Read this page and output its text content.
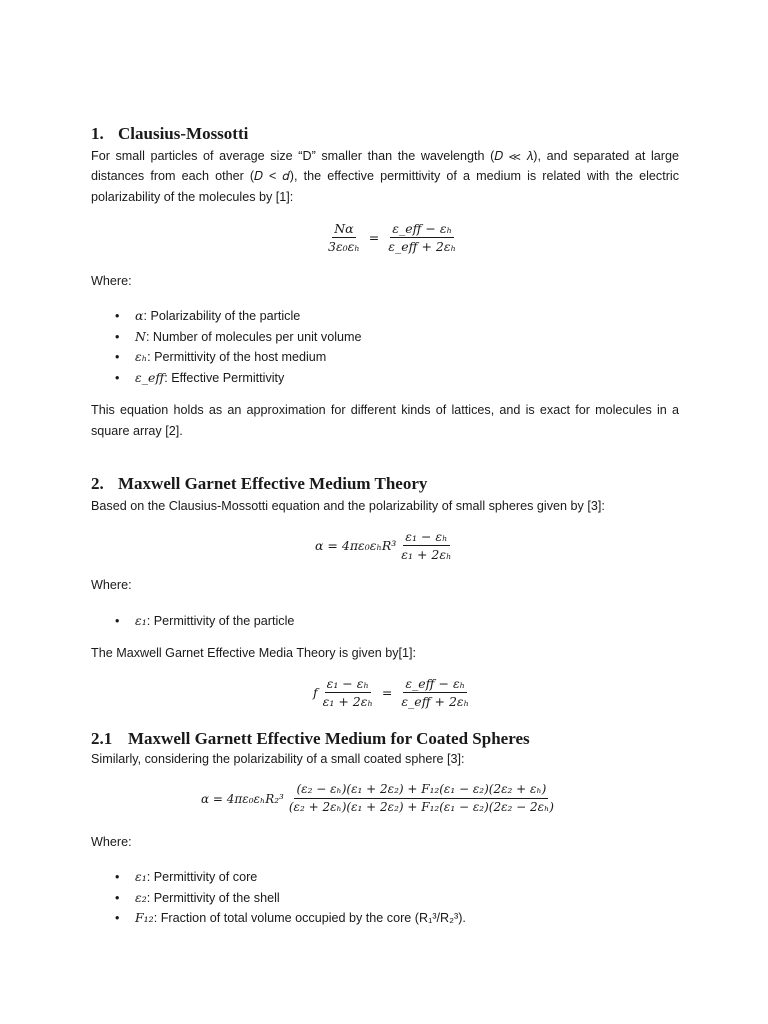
1. Clausius-Mossotti
For small particles of average size “D” smaller than the wavelength (𝐷 ≪ 𝜆), and separated at large
distances from each other (𝐷 < 𝑑), the effective permittivity of a medium is related with the electric
polarizability of the molecules by [1]:
$\frac{N\alpha}{\text{3ε₀εₕ}} = \frac{\text{ε\_eff − εₕ}}{\text{ε\_eff + 2εₕ}}$
Where:
• α: Polarizability of the particle
• N: Number of molecules per unit volume
• εₕ: Permittivity of the host medium
• ε_eff: Effective Permittivity
This equation holds as an approximation for different kinds of lattices, and is exact for molecules in a
square array [2].
2. Maxwell Garnet Effective Medium Theory
Based on the Clausius-Mossotti equation and the polarizability of small spheres given by [3]:
$\alpha = 4\pi\varepsilon_0\varepsilon_hR^3 \frac{\text{ε₁ − εₕ}}{\text{ε₁ + 2εₕ}}$
Where:
• ε₁: Permittivity of the particle
The Maxwell Garnet Effective Media Theory is given by[1]:
f $\frac{\text{ε₁ − εₕ}}{\text{ε₁ + 2εₕ}} = \frac{\text{ε\_eff − εₕ}}{\text{ε\_eff + 2εₕ}}$
2.1 Maxwell Garnett Effective Medium for Coated Spheres
Similarly, considering the polarizability of a small coated sphere [3]:
$\alpha = 4\pi\varepsilon_0\varepsilon_hR_2^3 \frac{\text{(ε₂ − εₕ)(ε₁ + 2ε₂) + F₁₂(ε₁ − ε₂)(2ε₂ + εₕ)}}{\text{(ε₂ + 2εₕ)(ε₁ + 2ε₂) + F₁₂(ε₁ − ε₂)(2ε₂ − 2εₕ)}}$
Where:
• ε₁: Permittivity of core
• ε₂: Permittivity of the shell
• F₁₂: Fraction of total volume occupied by the core (R₁³/R₂³).
